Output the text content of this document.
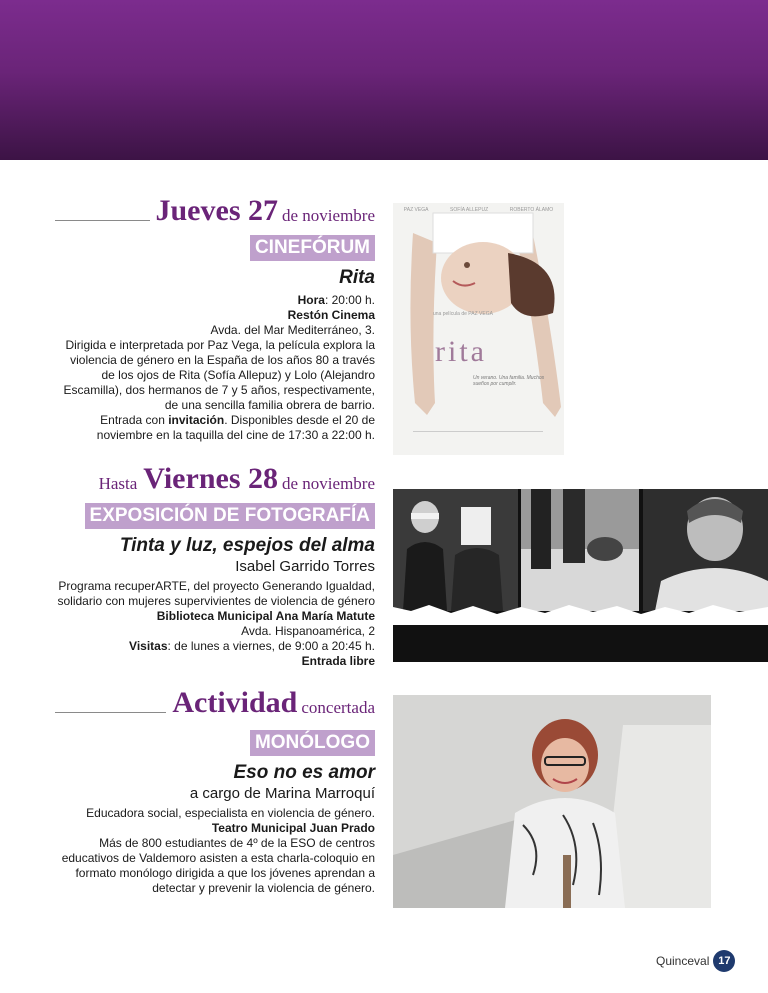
Jueves 27 de noviembre
CINEFÓRUM
Rita
Hora: 20:00 h.
Restón Cinema
Avda. del Mar Mediterráneo, 3.
Dirigida e interpretada por Paz Vega, la película explora la violencia de género en la España de los años 80 a través de los ojos de Rita (Sofía Allepuz) y Lolo (Alejandro Escamilla), dos hermanos de 7 y 5 años, respectivamente, de una sencilla familia obrera de barrio.
Entrada con invitación. Disponibles desde el 20 de noviembre en la taquilla del cine de 17:30 a 22:00 h.
PAZ VEGA	SOFÍA ALLEPUZ	ROBERTO ÁLAMO
una película de PAZ VEGA
rita
Un verano. Una familia. Muchos sueños por cumplir.
Hasta Viernes 28 de noviembre
EXPOSICIÓN DE FOTOGRAFÍA
Tinta y luz, espejos del alma
Isabel Garrido Torres
Programa recuperARTE, del proyecto Generando Igualdad, solidario con mujeres supervivientes de violencia de género
Biblioteca Municipal Ana María Matute
Avda. Hispanoamérica, 2
Visitas: de lunes a viernes, de 9:00 a 20:45 h.
Entrada libre
Actividad concertada
MONÓLOGO
Eso no es amor
a cargo de Marina Marroquí
Educadora social, especialista en violencia de género.
Teatro Municipal Juan Prado
Más de 800 estudiantes de 4º de la ESO de centros educativos de Valdemoro asisten a esta charla-coloquio en formato monólogo dirigida a que los jóvenes aprendan a detectar y prevenir la violencia de género.
Quinceval 17
